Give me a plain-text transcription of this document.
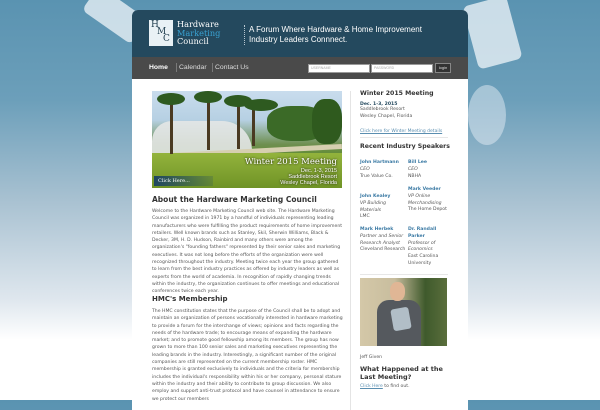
H
M
C
Hardware
Marketing
Council
A Forum Where Hardware & Home Improvement
Industry Leaders Connnect.
Home Calendar Contact Us	USERNAME	PASSWORD	login
Winter 2015 Meeting
Dec. 1-3, 2015
Saddlebrook Resort
Wesley Chapel, Florida
Click Here...
About the Hardware Marketing Council

Welcome to the Hardware Marketing Council web site. The Hardware Marketing Council was organized in 1971 by a handful of individuals representing leading manufacturers who were fulfilling the product requirements of home improvement retailers. Well known brands such as Stanley, Skil, Sherwin Williams, Black & Decker, 3M, H. D. Hudson, Rainbird and many others were among the organization's "founding fathers" represented by their senior sales and marketing executives. It was not long before the efforts of the organization were well recognized throughout the industry. Meeting twice each year the group gathered to learn from the best industry practices as offered by industry leaders as well as experts from the world of academia. In recognition of rapidly changing trends within the industry, the organization continues to offer meetings and educational conferences twice each year.

HMC's Membership

The HMC constitution states that the purpose of the Council shall be to adopt and maintain an organization of persons vocationally interested in hardware marketing to provide a forum for the interchange of views; opinions and facts regarding the needs of the hardware trade; to encourage means of expanding the hardware market; and to promote good fellowship among its members. The group has now grown to more than 100 senior sales and marketing executives representing the leading brands in the industry. Interestingly, a significant number of the original companies are still represented on the current membership roster. HMC membership is granted exclusively to individuals and the criteria for membership includes the individual's responsibility within his or her company, personal stature within the industry and their ability to contribute to group discussion. We also employ and support anti-trust protocol and have counsel in attendance to ensure we protect our members

Winter 2015 Meeting
Dec. 1-3, 2015
Saddlebrook Resort
Wesley Chapel, Florida
Click here for Winter Meeting details
Recent Industry Speakers
John Hartmann
CEO
True Value Co.
Bill Lee
CEO
NBHA
John Kealey
VP Building Materials
LMC
Mark Veeder
VP Online Merchandising
The Home Depot
Mark Herbek
Partner and Senior Research Analyst
Cleveland Research
Dr. Randall Parker
Professor of Economics
East Carolina University
Jeff Given
What Happened at the Last Meeting?
Click Here to find out.
